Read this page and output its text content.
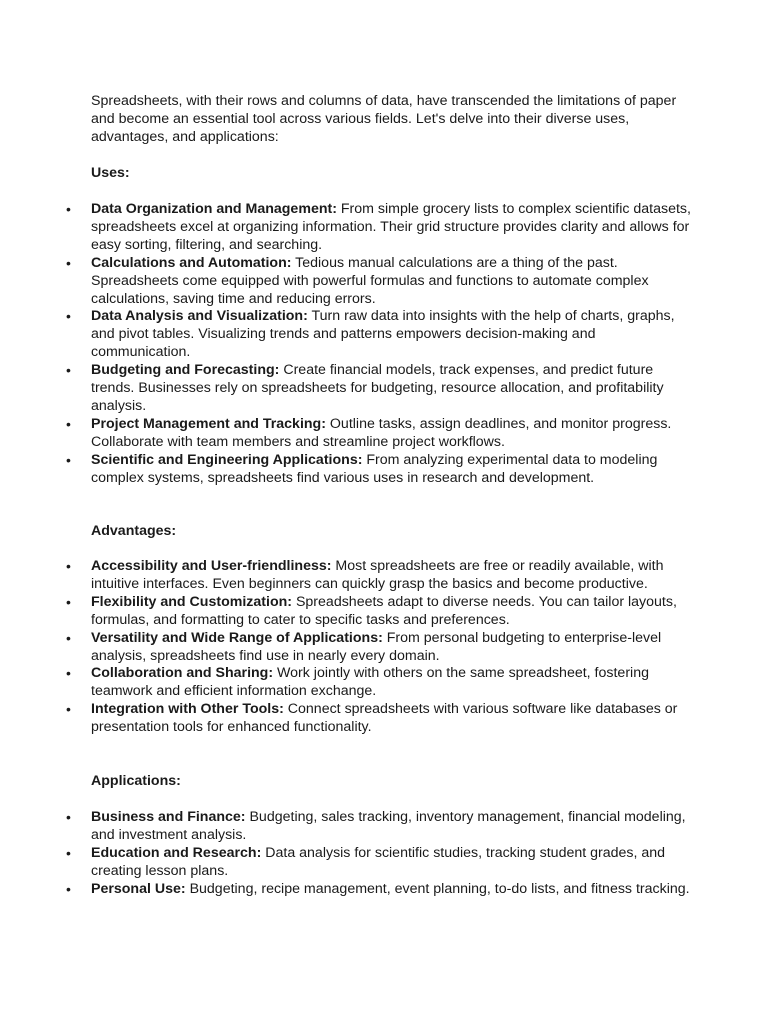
Spreadsheets, with their rows and columns of data, have transcended the limitations of paper and become an essential tool across various fields. Let's delve into their diverse uses, advantages, and applications:

Uses:

• Data Organization and Management: From simple grocery lists to complex scientific datasets, spreadsheets excel at organizing information. Their grid structure provides clarity and allows for easy sorting, filtering, and searching.
• Calculations and Automation: Tedious manual calculations are a thing of the past. Spreadsheets come equipped with powerful formulas and functions to automate complex calculations, saving time and reducing errors.
• Data Analysis and Visualization: Turn raw data into insights with the help of charts, graphs, and pivot tables. Visualizing trends and patterns empowers decision-making and communication.
• Budgeting and Forecasting: Create financial models, track expenses, and predict future trends. Businesses rely on spreadsheets for budgeting, resource allocation, and profitability analysis.
• Project Management and Tracking: Outline tasks, assign deadlines, and monitor progress. Collaborate with team members and streamline project workflows.
• Scientific and Engineering Applications: From analyzing experimental data to modeling complex systems, spreadsheets find various uses in research and development.

Advantages:

• Accessibility and User-friendliness: Most spreadsheets are free or readily available, with intuitive interfaces. Even beginners can quickly grasp the basics and become productive.
• Flexibility and Customization: Spreadsheets adapt to diverse needs. You can tailor layouts, formulas, and formatting to cater to specific tasks and preferences.
• Versatility and Wide Range of Applications: From personal budgeting to enterprise-level analysis, spreadsheets find use in nearly every domain.
• Collaboration and Sharing: Work jointly with others on the same spreadsheet, fostering teamwork and efficient information exchange.
• Integration with Other Tools: Connect spreadsheets with various software like databases or presentation tools for enhanced functionality.

Applications:

• Business and Finance: Budgeting, sales tracking, inventory management, financial modeling, and investment analysis.
• Education and Research: Data analysis for scientific studies, tracking student grades, and creating lesson plans.
• Personal Use: Budgeting, recipe management, event planning, to-do lists, and fitness tracking.
